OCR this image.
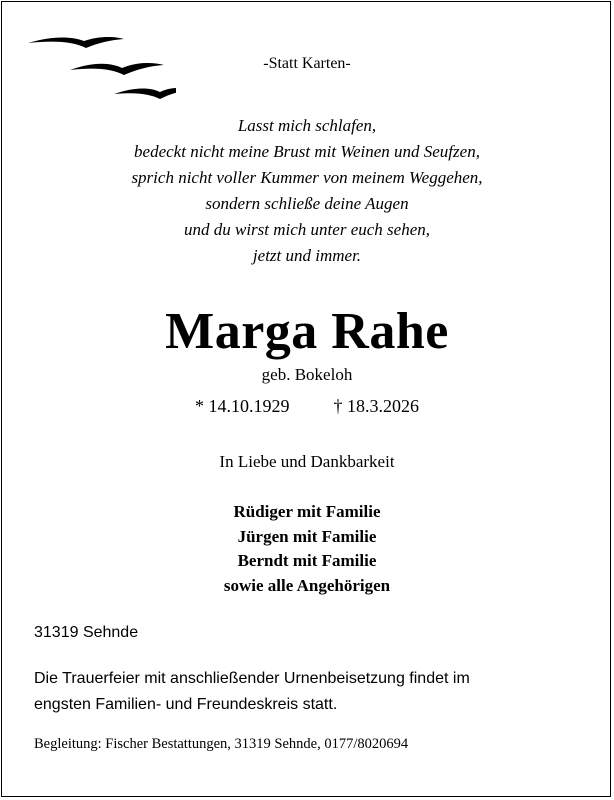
-Statt Karten-
Lasst mich schlafen,
bedeckt nicht meine Brust mit Weinen und Seufzen,
sprich nicht voller Kummer von meinem Weggehen,
sondern schließe deine Augen
und du wirst mich unter euch sehen,
jetzt und immer.
Marga Rahe
geb. Bokeloh
* 14.10.1929 † 18.3.2026
In Liebe und Dankbarkeit
Rüdiger mit Familie
Jürgen mit Familie
Berndt mit Familie
sowie alle Angehörigen
31319 Sehnde
Die Trauerfeier mit anschließender Urnenbeisetzung findet im
engsten Familien- und Freundeskreis statt.
Begleitung: Fischer Bestattungen, 31319 Sehnde, 0177/8020694
